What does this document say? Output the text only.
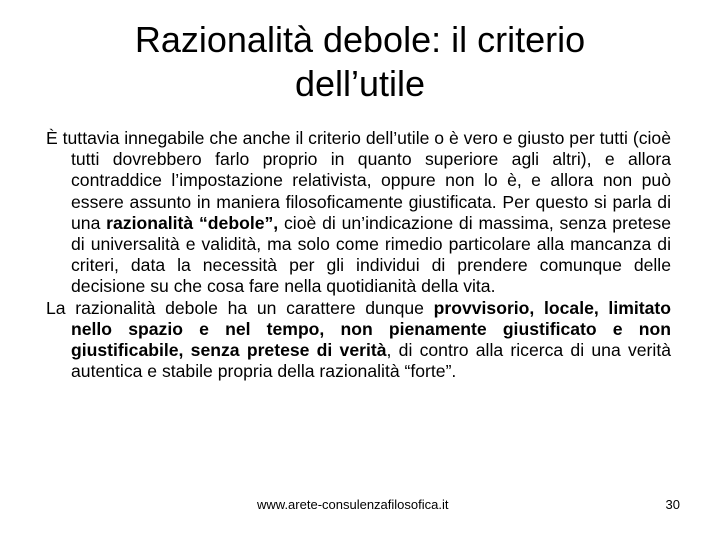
Razionalità debole: il criterio
dell’utile

È tuttavia innegabile che anche il criterio dell’utile o è vero e giusto per tutti (cioè tutti dovrebbero farlo proprio in quanto superiore agli altri), e allora contraddice l’impostazione relativista, oppure non lo è, e allora non può essere assunto in maniera filosoficamente giustificata. Per questo si parla di una razionalità “debole”, cioè di un’indicazione di massima, senza pretese di universalità e validità, ma solo come rimedio particolare alla mancanza di criteri, data la necessità per gli individui di prendere comunque delle decisione su che cosa fare nella quotidianità della vita.

La razionalità debole ha un carattere dunque provvisorio, locale, limitato nello spazio e nel tempo, non pienamente giustificato e non giustificabile, senza pretese di verità, di contro alla ricerca di una verità autentica e stabile propria della razionalità “forte”.

www.arete-consulenzafilosofica.it	30
